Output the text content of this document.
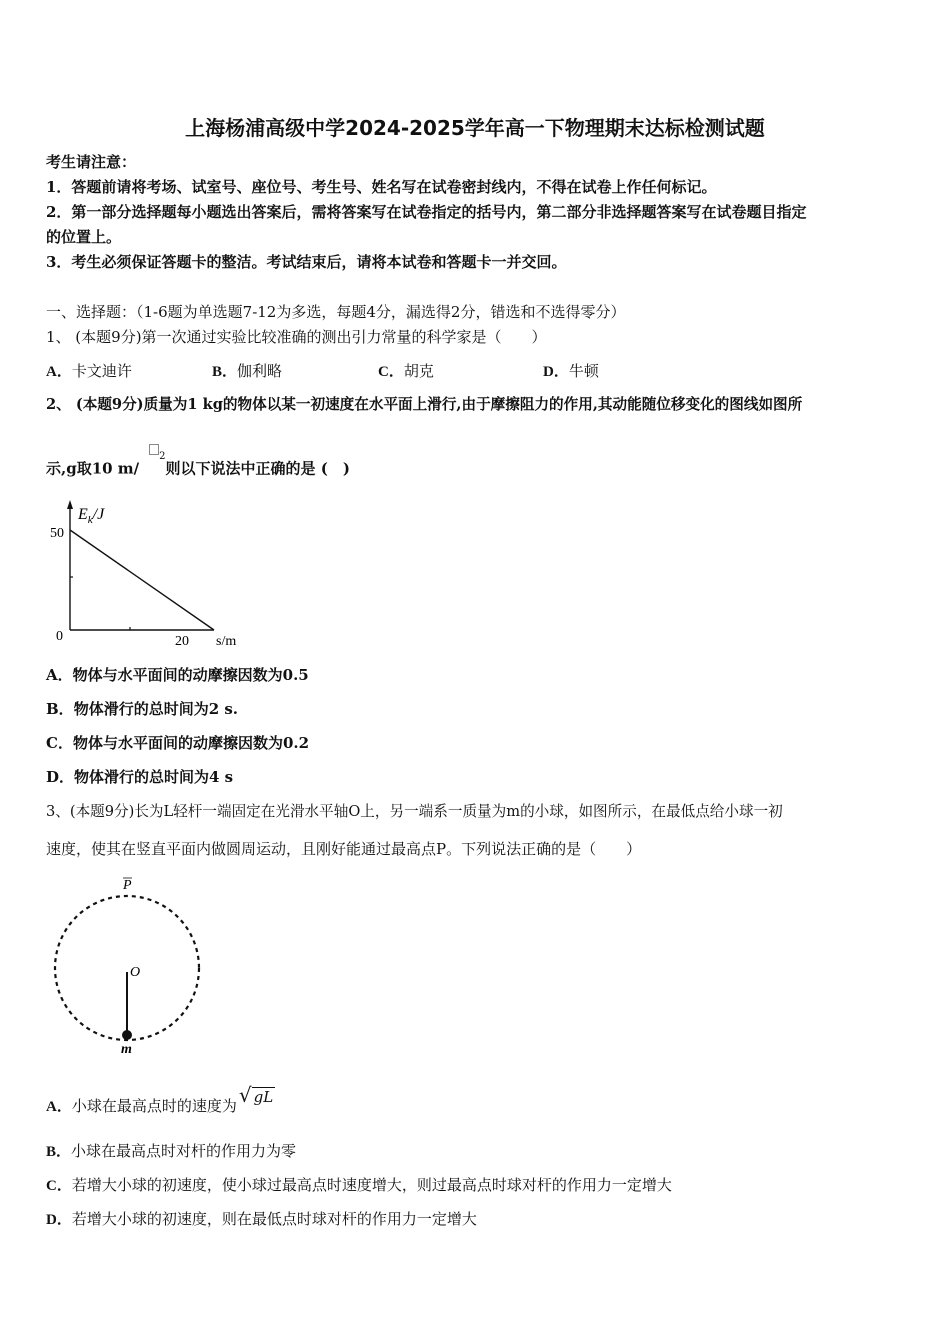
上海杨浦高级中学2024-2025学年高一下物理期末达标检测试题
考生请注意：
1．答题前请将考场、试室号、座位号、考生号、姓名写在试卷密封线内，不得在试卷上作任何标记。
2．第一部分选择题每小题选出答案后，需将答案写在试卷指定的括号内，第二部分非选择题答案写在试卷题目指定
的位置上。
3．考生必须保证答题卡的整洁。考试结束后，请将本试卷和答题卡一并交回。
一、选择题：（1-6题为单选题7-12为多选，每题4分，漏选得2分，错选和不选得零分）
1、 (本题9分)第一次通过实验比较准确的测出引力常量的科学家是（　　）
A．卡文迪许	B．伽利略	C．胡克	D．牛顿
2、 (本题9分)质量为1 kg的物体以某一初速度在水平面上滑行,由于摩擦阻力的作用,其动能随位移变化的图线如图所
示,g取10 m/$^2$则以下说法中正确的是 (　)
$E_k/J$
50
0	20 s/m
A．物体与水平面间的动摩擦因数为0.5
B．物体滑行的总时间为2 s.
C．物体与水平面间的动摩擦因数为0.2
D．物体滑行的总时间为4 s
3、(本题9分)长为L轻杆一端固定在光滑水平轴O上，另一端系一质量为m的小球，如图所示，在最低点给小球一初
速度，使其在竖直平面内做圆周运动，且刚好能通过最高点P。下列说法正确的是（　　）
P
O
m
A．小球在最高点时的速度为 √ gL
B．小球在最高点时对杆的作用力为零
C．若增大小球的初速度，使小球过最高点时速度增大，则过最高点时球对杆的作用力一定增大
D．若增大小球的初速度，则在最低点时球对杆的作用力一定增大
